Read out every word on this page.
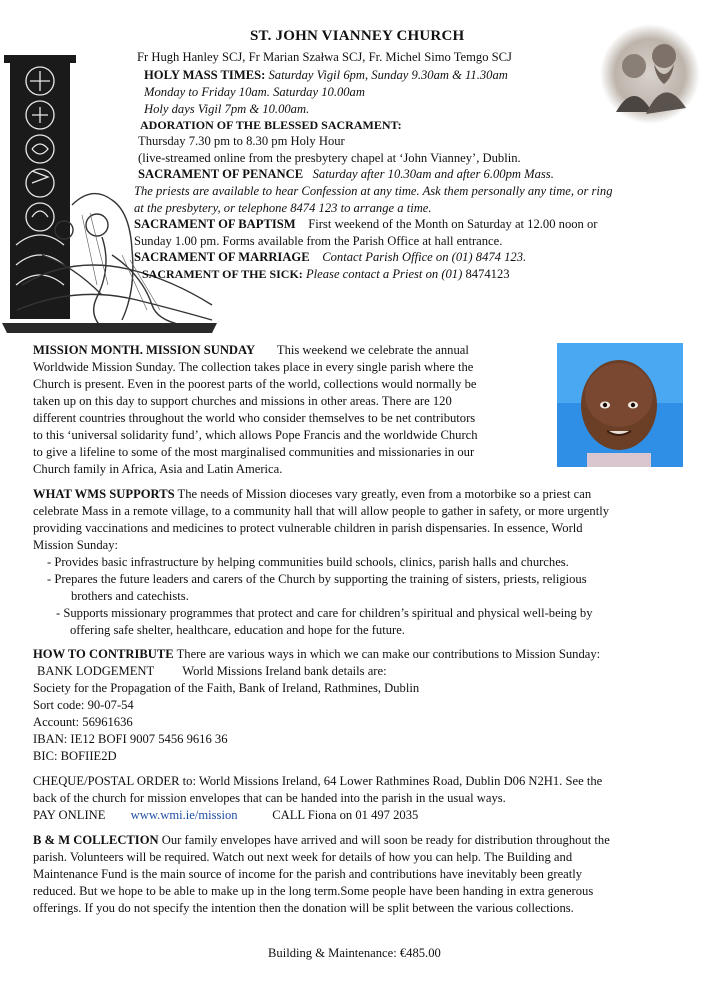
ST. JOHN VIANNEY CHURCH
Fr Hugh Hanley SCJ, Fr Marian Szałwa SCJ, Fr. Michel Simo Temgo SCJ
HOLY MASS TIMES: Saturday Vigil 6pm, Sunday 9.30am & 11.30am
Monday to Friday 10am. Saturday 10.00am
Holy days Vigil 7pm & 10.00am.
ADORATION OF THE BLESSED SACRAMENT:
Thursday 7.30 pm to 8.30 pm Holy Hour
(live-streamed online from the presbytery chapel at ‘John Vianney’, Dublin.
SACRAMENT OF PENANCE Saturday after 10.30am and after 6.00pm Mass.
The priests are available to hear Confession at any time. Ask them personally any time, or ring
at the presbytery, or telephone 8474 123 to arrange a time.
SACRAMENT OF BAPTISM First weekend of the Month on Saturday at 12.00 noon or
Sunday 1.00 pm. Forms available from the Parish Office at hall entrance.
SACRAMENT OF MARRIAGE Contact Parish Office on (01) 8474 123.
SACRAMENT OF THE SICK: Please contact a Priest on (01) 8474123
MISSION MONTH. MISSION SUNDAY This weekend we celebrate the annual
Worldwide Mission Sunday. The collection takes place in every single parish where the
Church is present. Even in the poorest parts of the world, collections would normally be
taken up on this day to support churches and missions in other areas. There are 120
different countries throughout the world who consider themselves to be net contributors
to this ‘universal solidarity fund’, which allows Pope Francis and the worldwide Church
to give a lifeline to some of the most marginalised communities and missionaries in our
Church family in Africa, Asia and Latin America.
WHAT WMS SUPPORTS The needs of Mission dioceses vary greatly, even from a motorbike so a priest can
celebrate Mass in a remote village, to a community hall that will allow people to gather in safety, or more urgently
providing vaccinations and medicines to protect vulnerable children in parish dispensaries. In essence, World
Mission Sunday:
- Provides basic infrastructure by helping communities build schools, clinics, parish halls and churches.
- Prepares the future leaders and carers of the Church by supporting the training of sisters, priests, religious
brothers and catechists.
- Supports missionary programmes that protect and care for children’s spiritual and physical well-being by
offering safe shelter, healthcare, education and hope for the future.
HOW TO CONTRIBUTE There are various ways in which we can make our contributions to Mission Sunday:
BANK LODGEMENT World Missions Ireland bank details are:
Society for the Propagation of the Faith, Bank of Ireland, Rathmines, Dublin
Sort code: 90-07-54
Account: 56961636
IBAN: IE12 BOFI 9007 5456 9616 36
BIC: BOFIIE2D
CHEQUE/POSTAL ORDER to: World Missions Ireland, 64 Lower Rathmines Road, Dublin D06 N2H1. See the
back of the church for mission envelopes that can be handed into the parish in the usual ways.
PAY ONLINE www.wmi.ie/mission	CALL Fiona on 01 497 2035
B & M COLLECTION Our family envelopes have arrived and will soon be ready for distribution throughout the
parish. Volunteers will be required. Watch out next week for details of how you can help. The Building and
Maintenance Fund is the main source of income for the parish and contributions have inevitably been greatly
reduced. But we hope to be able to make up in the long term.Some people have been handing in extra generous
offerings. If you do not specify the intention then the donation will be split between the various collections.
Building & Maintenance: €485.00
